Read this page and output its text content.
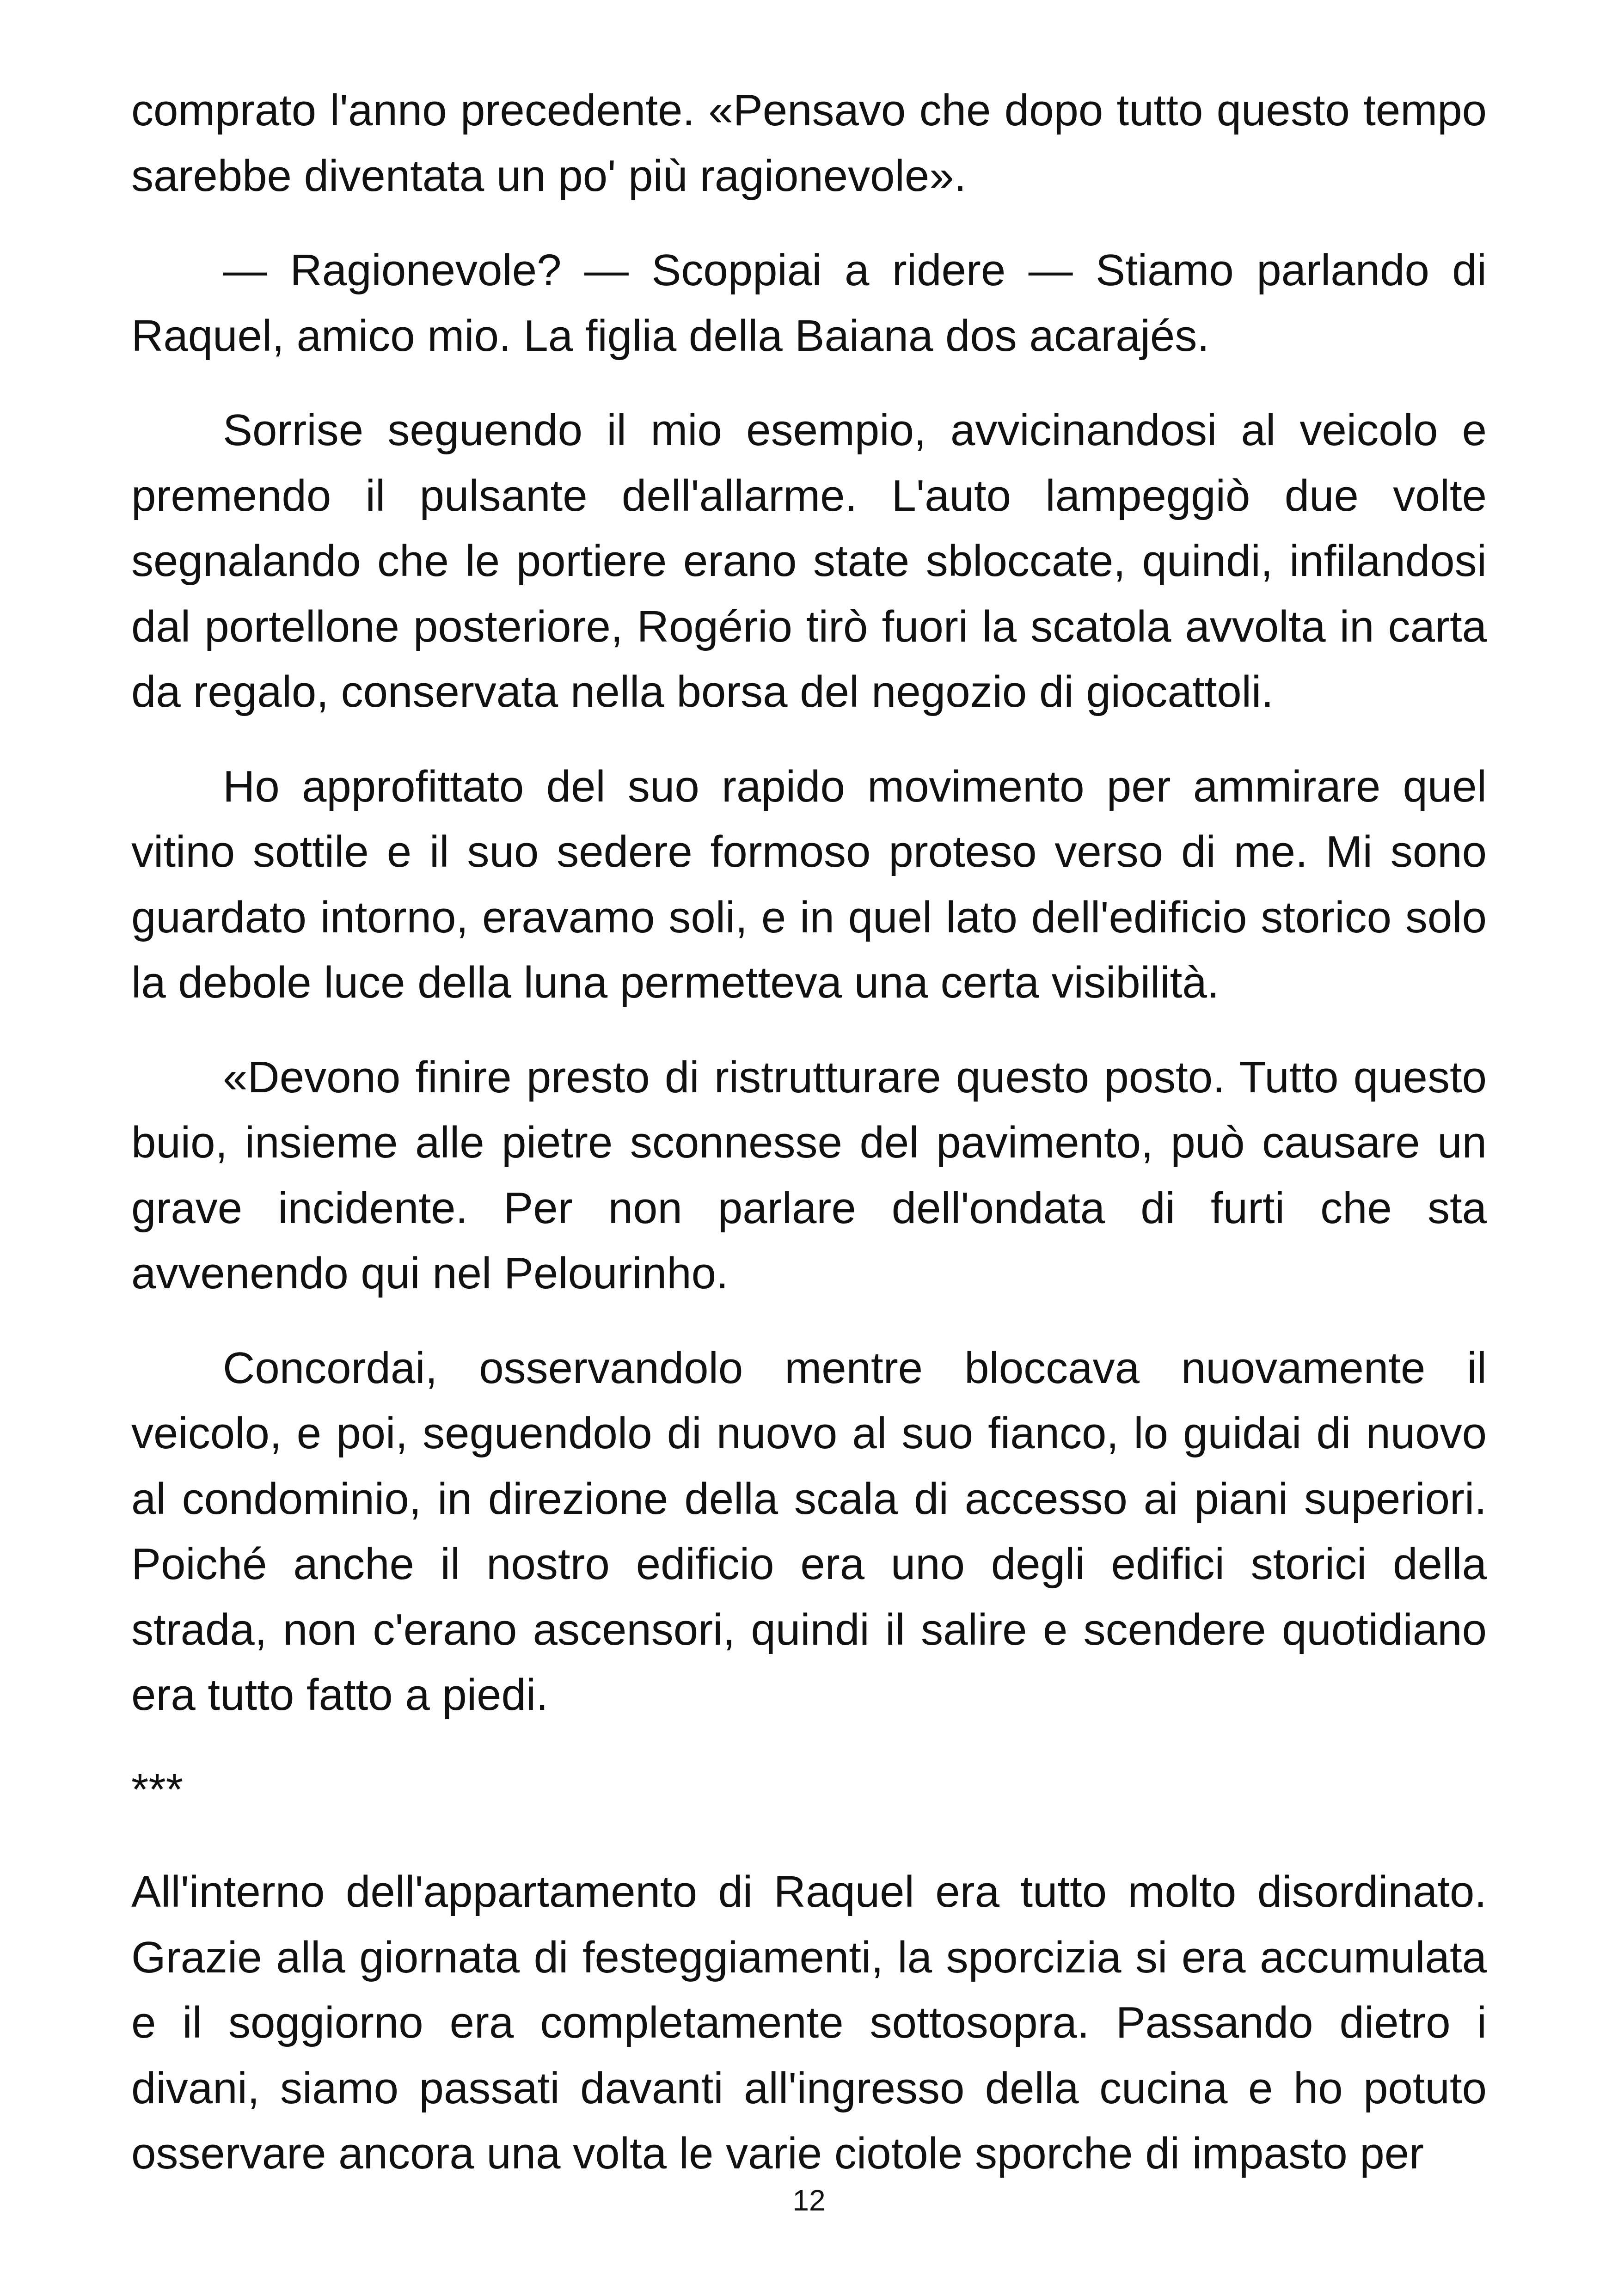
comprato l'anno precedente. «Pensavo che dopo tutto questo tempo sarebbe diventata un po' più ragionevole».

— Ragionevole? — Scoppiai a ridere — Stiamo parlando di Raquel, amico mio. La figlia della Baiana dos acarajés.

Sorrise seguendo il mio esempio, avvicinandosi al veicolo e premendo il pulsante dell'allarme. L'auto lampeggiò due volte segnalando che le portiere erano state sbloccate, quindi, infilandosi dal portellone posteriore, Rogério tirò fuori la scatola avvolta in carta da regalo, conservata nella borsa del negozio di giocattoli.

Ho approfittato del suo rapido movimento per ammirare quel vitino sottile e il suo sedere formoso proteso verso di me. Mi sono guardato intorno, eravamo soli, e in quel lato dell'edificio storico solo la debole luce della luna permetteva una certa visibilità.

«Devono finire presto di ristrutturare questo posto. Tutto questo buio, insieme alle pietre sconnesse del pavimento, può causare un grave incidente. Per non parlare dell'ondata di furti che sta avvenendo qui nel Pelourinho.

Concordai, osservandolo mentre bloccava nuovamente il veicolo, e poi, seguendolo di nuovo al suo fianco, lo guidai di nuovo al condominio, in direzione della scala di accesso ai piani superiori. Poiché anche il nostro edificio era uno degli edifici storici della strada, non c'erano ascensori, quindi il salire e scendere quotidiano era tutto fatto a piedi.

***

All'interno dell'appartamento di Raquel era tutto molto disordinato. Grazie alla giornata di festeggiamenti, la sporcizia si era accumulata e il soggiorno era completamente sottosopra. Passando dietro i divani, siamo passati davanti all'ingresso della cucina e ho potuto osservare ancora una volta le varie ciotole sporche di impasto per

12
